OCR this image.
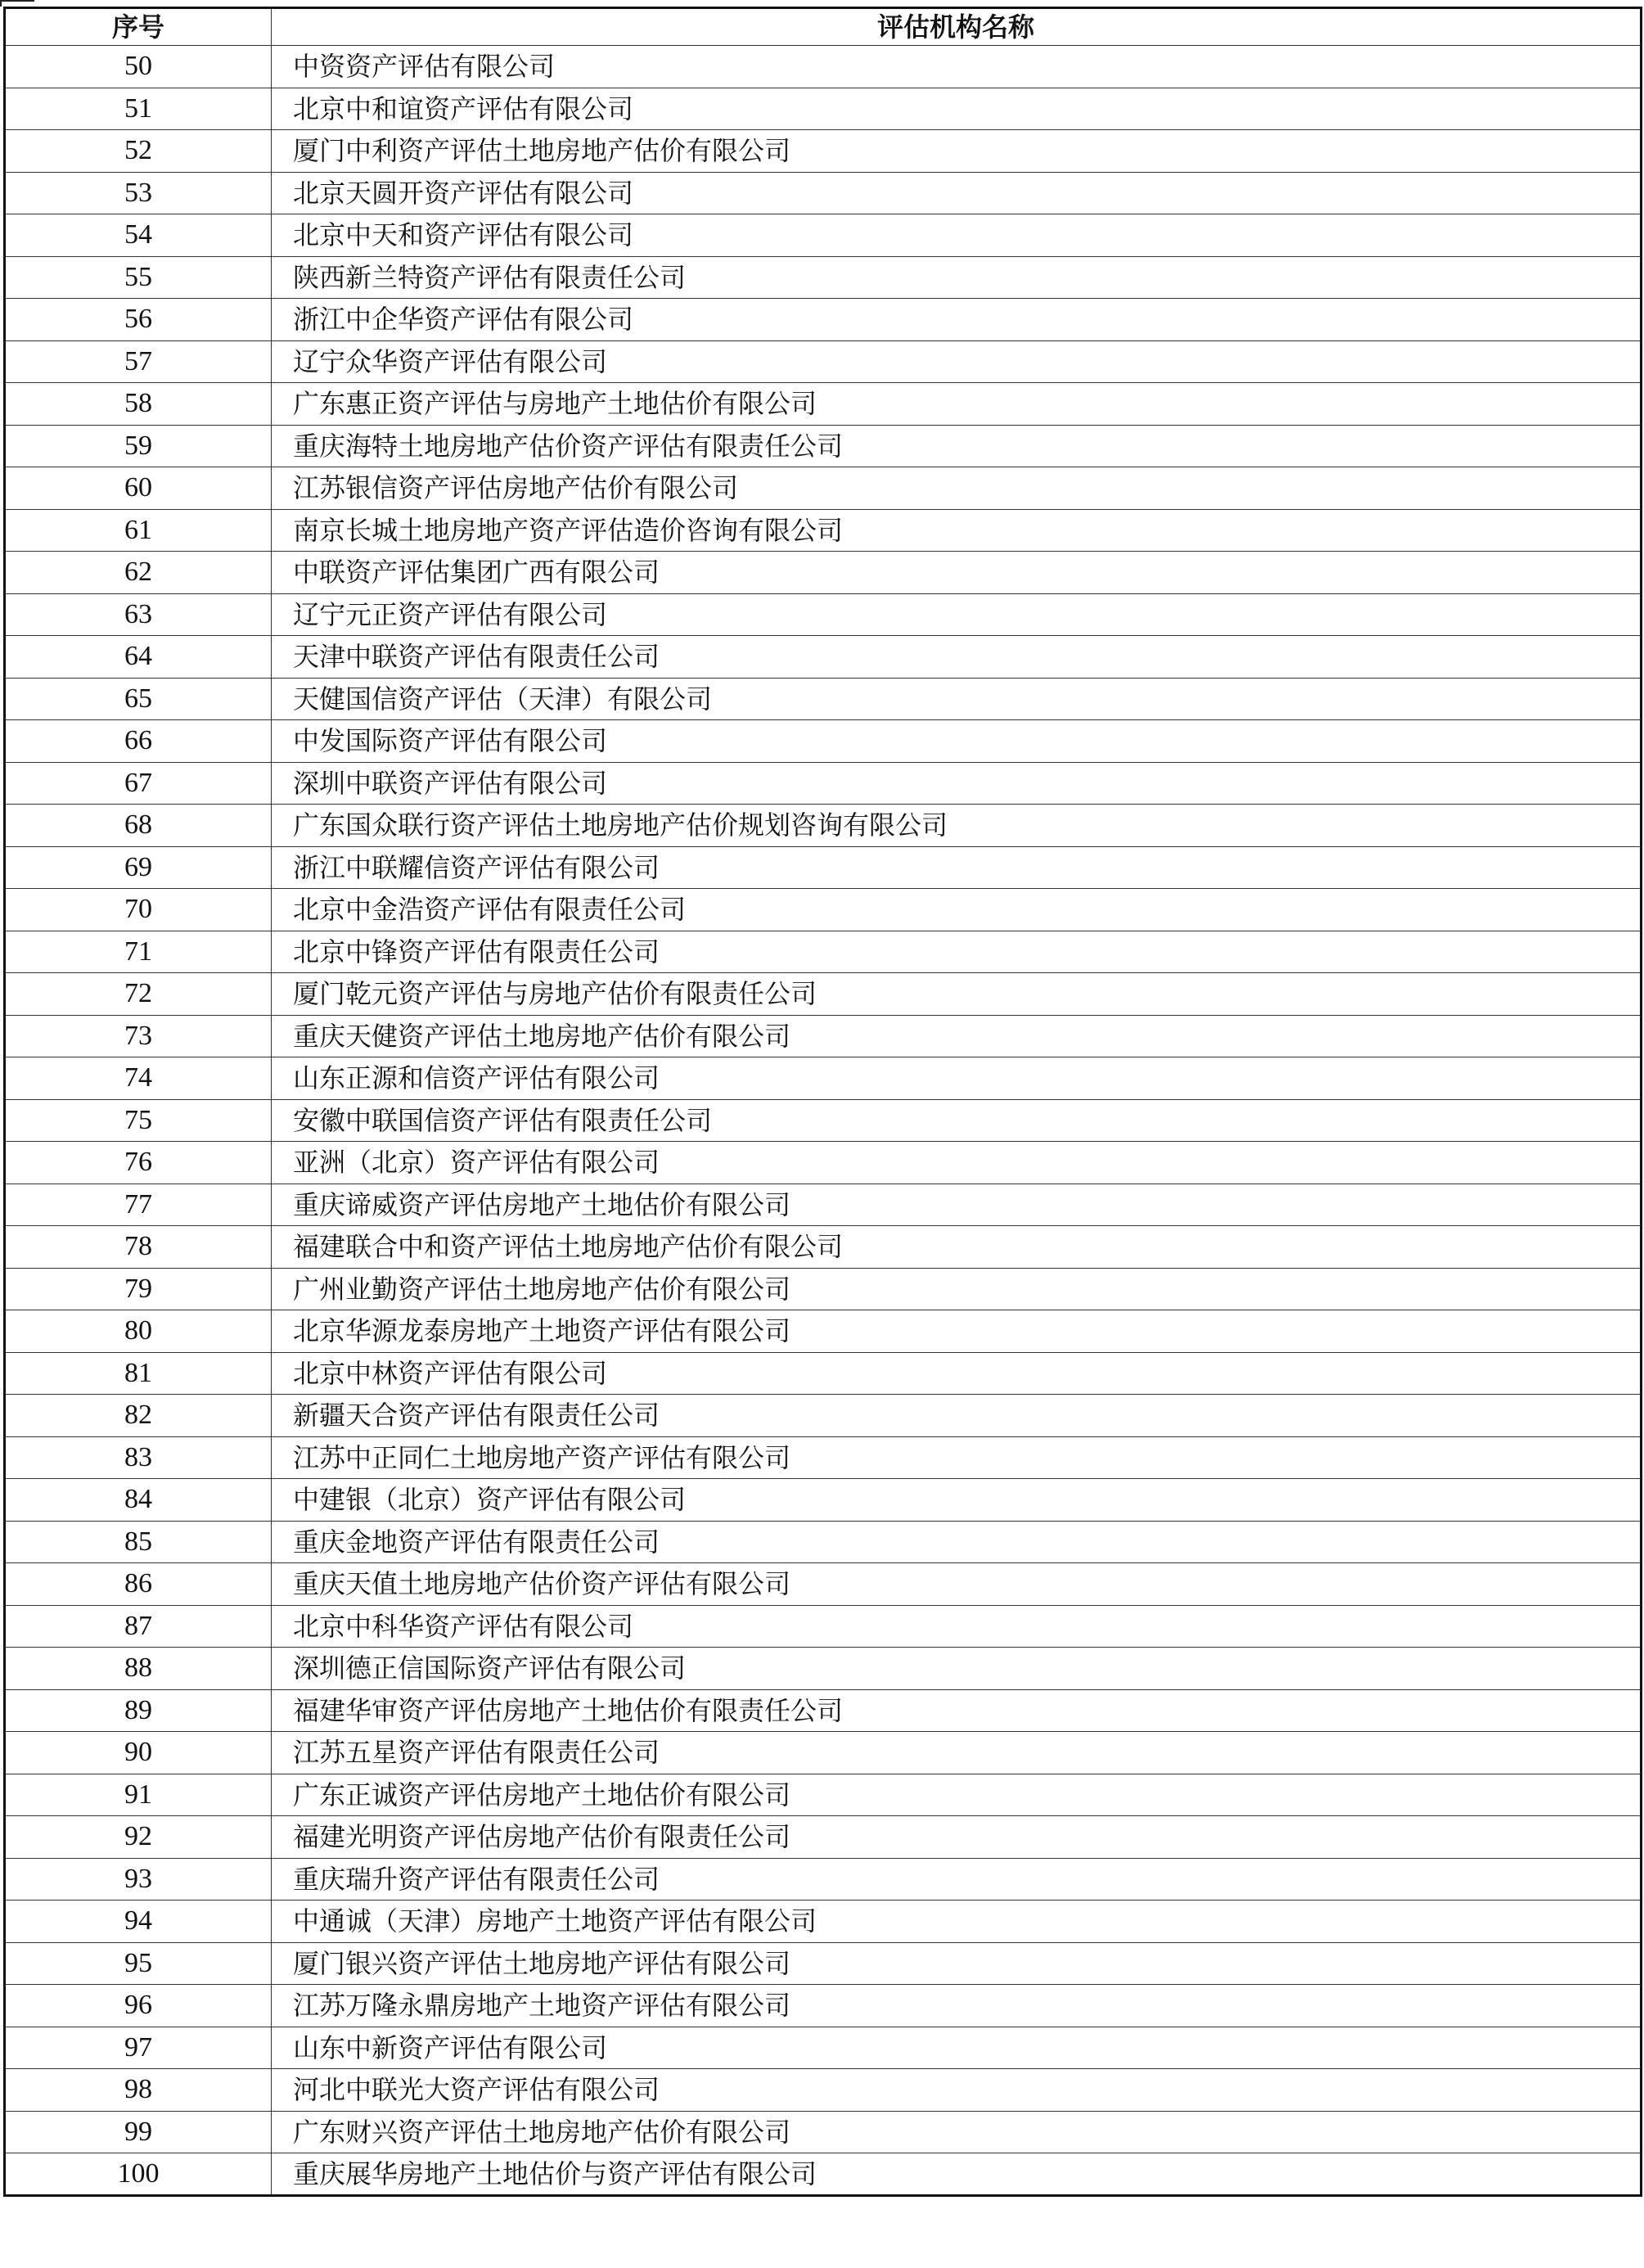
序号	评估机构名称
50	中资资产评估有限公司
51	北京中和谊资产评估有限公司
52	厦门中利资产评估土地房地产估价有限公司
53	北京天圆开资产评估有限公司
54	北京中天和资产评估有限公司
55	陕西新兰特资产评估有限责任公司
56	浙江中企华资产评估有限公司
57	辽宁众华资产评估有限公司
58	广东惠正资产评估与房地产土地估价有限公司
59	重庆海特土地房地产估价资产评估有限责任公司
60	江苏银信资产评估房地产估价有限公司
61	南京长城土地房地产资产评估造价咨询有限公司
62	中联资产评估集团广西有限公司
63	辽宁元正资产评估有限公司
64	天津中联资产评估有限责任公司
65	天健国信资产评估（天津）有限公司
66	中发国际资产评估有限公司
67	深圳中联资产评估有限公司
68	广东国众联行资产评估土地房地产估价规划咨询有限公司
69	浙江中联耀信资产评估有限公司
70	北京中金浩资产评估有限责任公司
71	北京中锋资产评估有限责任公司
72	厦门乾元资产评估与房地产估价有限责任公司
73	重庆天健资产评估土地房地产估价有限公司
74	山东正源和信资产评估有限公司
75	安徽中联国信资产评估有限责任公司
76	亚洲（北京）资产评估有限公司
77	重庆谛威资产评估房地产土地估价有限公司
78	福建联合中和资产评估土地房地产估价有限公司
79	广州业勤资产评估土地房地产估价有限公司
80	北京华源龙泰房地产土地资产评估有限公司
81	北京中林资产评估有限公司
82	新疆天合资产评估有限责任公司
83	江苏中正同仁土地房地产资产评估有限公司
84	中建银（北京）资产评估有限公司
85	重庆金地资产评估有限责任公司
86	重庆天值土地房地产估价资产评估有限公司
87	北京中科华资产评估有限公司
88	深圳德正信国际资产评估有限公司
89	福建华审资产评估房地产土地估价有限责任公司
90	江苏五星资产评估有限责任公司
91	广东正诚资产评估房地产土地估价有限公司
92	福建光明资产评估房地产估价有限责任公司
93	重庆瑞升资产评估有限责任公司
94	中通诚（天津）房地产土地资产评估有限公司
95	厦门银兴资产评估土地房地产评估有限公司
96	江苏万隆永鼎房地产土地资产评估有限公司
97	山东中新资产评估有限公司
98	河北中联光大资产评估有限公司
99	广东财兴资产评估土地房地产估价有限公司
100	重庆展华房地产土地估价与资产评估有限公司
